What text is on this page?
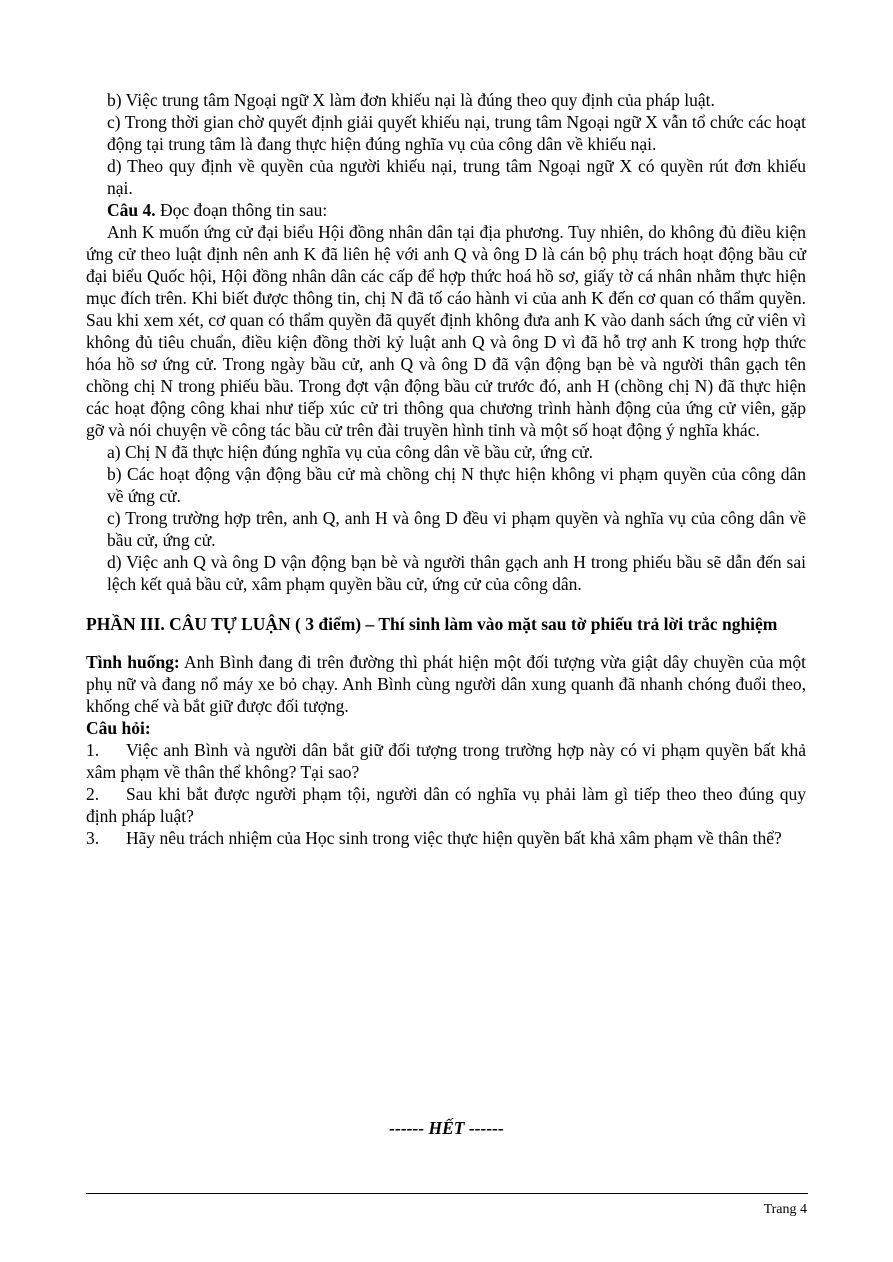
b) Việc trung tâm Ngoại ngữ X làm đơn khiếu nại là đúng theo quy định của pháp luật.

c) Trong thời gian chờ quyết định giải quyết khiếu nại, trung tâm Ngoại ngữ X vẫn tổ chức các hoạt động tại trung tâm là đang thực hiện đúng nghĩa vụ của công dân về khiếu nại.

d) Theo quy định về quyền của người khiếu nại, trung tâm Ngoại ngữ X có quyền rút đơn khiếu nại.

Câu 4. Đọc đoạn thông tin sau:

Anh K muốn ứng cử đại biểu Hội đồng nhân dân tại địa phương. Tuy nhiên, do không đủ điều kiện ứng cử theo luật định nên anh K đã liên hệ với anh Q và ông D là cán bộ phụ trách hoạt động bầu cử đại biểu Quốc hội, Hội đồng nhân dân các cấp để hợp thức hoá hồ sơ, giấy tờ cá nhân nhằm thực hiện mục đích trên. Khi biết được thông tin, chị N đã tố cáo hành vi của anh K đến cơ quan có thẩm quyền. Sau khi xem xét, cơ quan có thẩm quyền đã quyết định không đưa anh K vào danh sách ứng cử viên vì không đủ tiêu chuẩn, điều kiện đồng thời kỷ luật anh Q và ông D vì đã hỗ trợ anh K trong hợp thức hóa hồ sơ ứng cử. Trong ngày bầu cử, anh Q và ông D đã vận động bạn bè và người thân gạch tên chồng chị N trong phiếu bầu. Trong đợt vận động bầu cử trước đó, anh H (chồng chị N) đã thực hiện các hoạt động công khai như tiếp xúc cử tri thông qua chương trình hành động của ứng cử viên, gặp gỡ và nói chuyện về công tác bầu cử trên đài truyền hình tỉnh và một số hoạt động ý nghĩa khác.

a) Chị N đã thực hiện đúng nghĩa vụ của công dân về bầu cử, ứng cử.

b) Các hoạt động vận động bầu cử mà chồng chị N thực hiện không vi phạm quyền của công dân về ứng cử.

c) Trong trường hợp trên, anh Q, anh H và ông D đều vi phạm quyền và nghĩa vụ của công dân về bầu cử, ứng cử.

d) Việc anh Q và ông D vận động bạn bè và người thân gạch anh H trong phiếu bầu sẽ dẫn đến sai lệch kết quả bầu cử, xâm phạm quyền bầu cử, ứng cử của công dân.

PHẦN III. CÂU TỰ LUẬN ( 3 điểm) – Thí sinh làm vào mặt sau tờ phiếu trả lời trắc nghiệm

Tình huống: Anh Bình đang đi trên đường thì phát hiện một đối tượng vừa giật dây chuyền của một phụ nữ và đang nổ máy xe bỏ chạy. Anh Bình cùng người dân xung quanh đã nhanh chóng đuổi theo, khống chế và bắt giữ được đối tượng.

Câu hỏi:

1. Việc anh Bình và người dân bắt giữ đối tượng trong trường hợp này có vi phạm quyền bất khả xâm phạm về thân thể không? Tại sao?
2. Sau khi bắt được người phạm tội, người dân có nghĩa vụ phải làm gì tiếp theo theo đúng quy định pháp luật?
3. Hãy nêu trách nhiệm của Học sinh trong việc thực hiện quyền bất khả xâm phạm về thân thể?
------ HẾT ------
Trang 4
